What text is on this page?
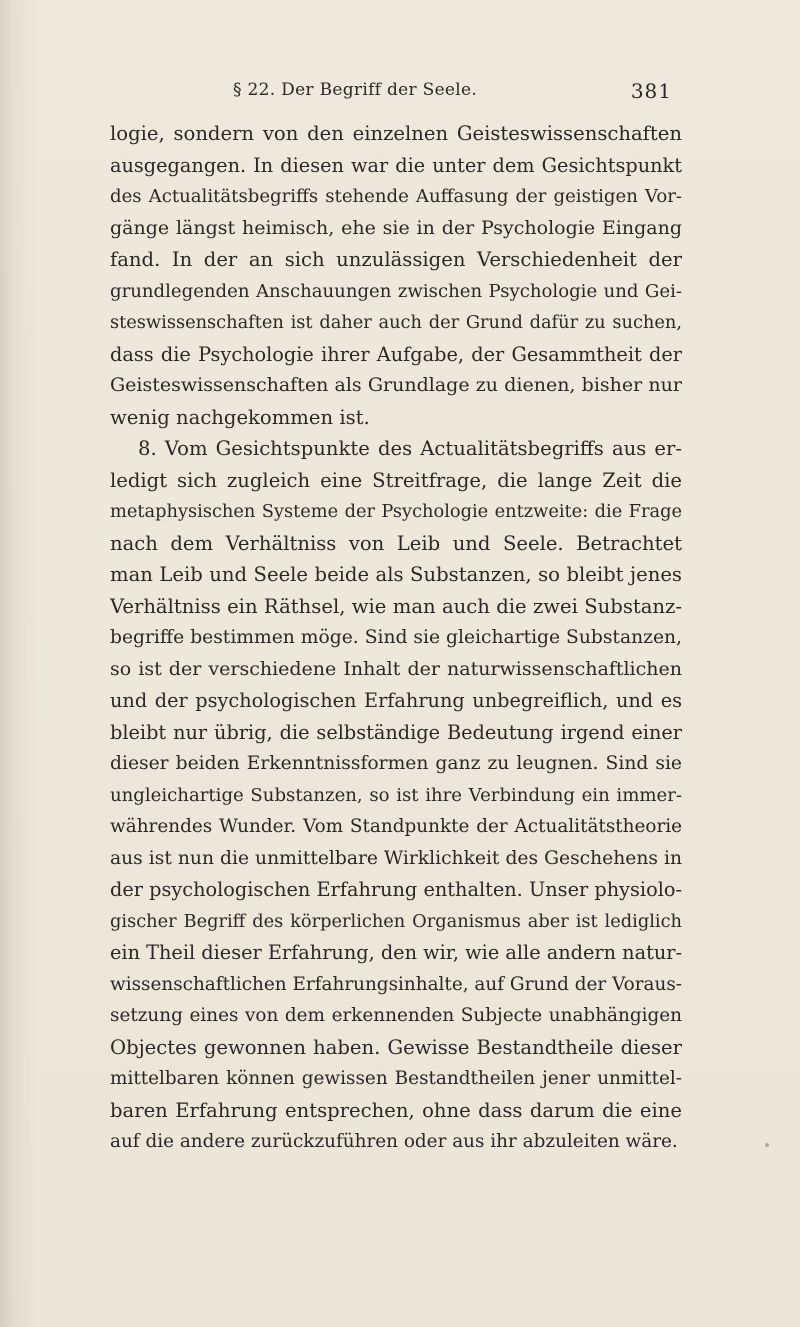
§ 22. Der Begriff der Seele.	381
logie, sondern von den einzelnen Geisteswissenschaften
ausgegangen. In diesen war die unter dem Gesichtspunkt
des Actualitätsbegriffs stehende Auffasung der geistigen Vor-
gänge längst heimisch, ehe sie in der Psychologie Eingang
fand. In der an sich unzulässigen Verschiedenheit der
grundlegenden Anschauungen zwischen Psychologie und Gei-
steswissenschaften ist daher auch der Grund dafür zu suchen,
dass die Psychologie ihrer Aufgabe, der Gesammtheit der
Geisteswissenschaften als Grundlage zu dienen, bisher nur
wenig nachgekommen ist.
8. Vom Gesichtspunkte des Actualitätsbegriffs aus er-
ledigt sich zugleich eine Streitfrage, die lange Zeit die
metaphysischen Systeme der Psychologie entzweite: die Frage
nach dem Verhältniss von Leib und Seele. Betrachtet
man Leib und Seele beide als Substanzen, so bleibt jenes
Verhältniss ein Räthsel, wie man auch die zwei Substanz-
begriffe bestimmen möge. Sind sie gleichartige Substanzen,
so ist der verschiedene Inhalt der naturwissenschaftlichen
und der psychologischen Erfahrung unbegreiflich, und es
bleibt nur übrig, die selbständige Bedeutung irgend einer
dieser beiden Erkenntnissformen ganz zu leugnen. Sind sie
ungleichartige Substanzen, so ist ihre Verbindung ein immer-
währendes Wunder. Vom Standpunkte der Actualitätstheorie
aus ist nun die unmittelbare Wirklichkeit des Geschehens in
der psychologischen Erfahrung enthalten. Unser physiolo-
gischer Begriff des körperlichen Organismus aber ist lediglich
ein Theil dieser Erfahrung, den wir, wie alle andern natur-
wissenschaftlichen Erfahrungsinhalte, auf Grund der Voraus-
setzung eines von dem erkennenden Subjecte unabhängigen
Objectes gewonnen haben. Gewisse Bestandtheile dieser
mittelbaren können gewissen Bestandtheilen jener unmittel-
baren Erfahrung entsprechen, ohne dass darum die eine
auf die andere zurückzuführen oder aus ihr abzuleiten wäre.
